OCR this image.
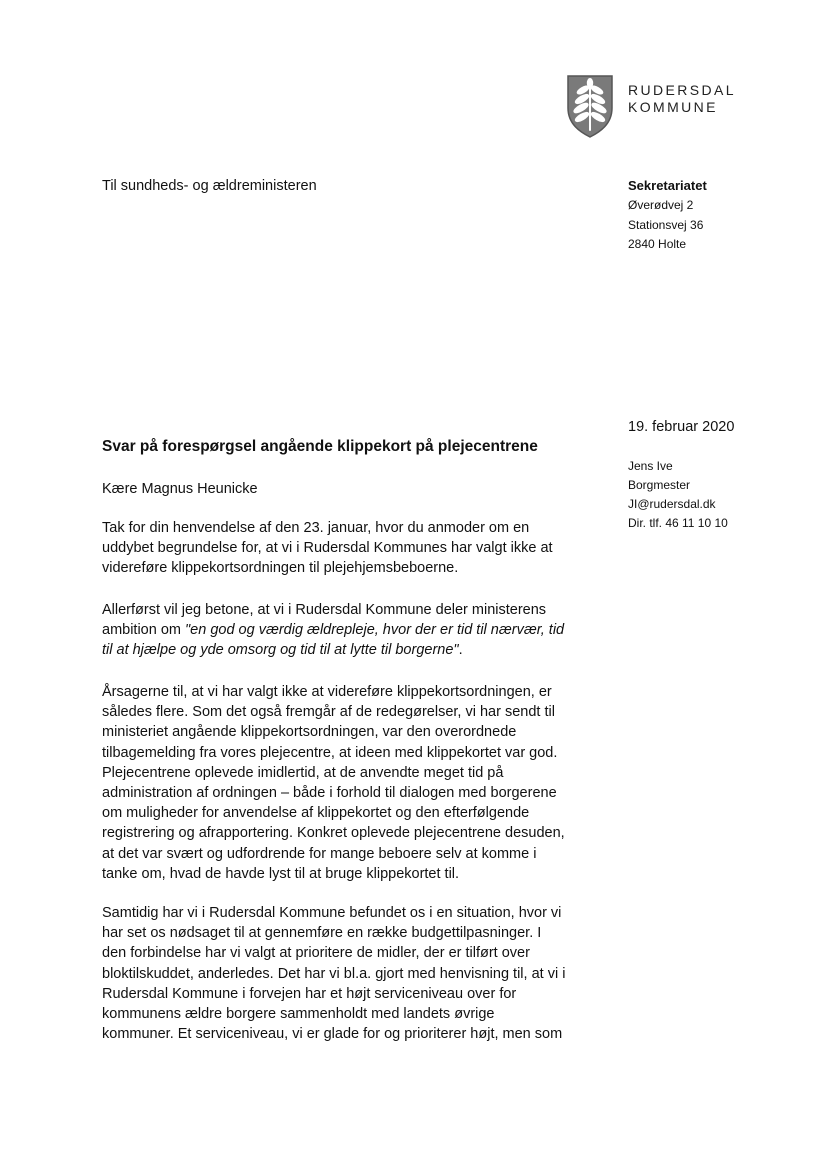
RUDERSDAL
KOMMUNE
Til sundheds- og ældreministeren	Sekretariatet
Øverødvej 2
Stationsvej 36
2840 Holte
19. februar 2020
Jens Ive
Borgmester
JI@rudersdal.dk
Dir. tlf. 46 11 10 10
Svar på forespørgsel angående klippekort på plejecentrene
Kære Magnus Heunicke
Tak for din henvendelse af den 23. januar, hvor du anmoder om en
uddybet begrundelse for, at vi i Rudersdal Kommunes har valgt ikke at
videreføre klippekortsordningen til plejehjemsbeboerne.
Allerførst vil jeg betone, at vi i Rudersdal Kommune deler ministerens
ambition om "en god og værdig ældrepleje, hvor der er tid til nærvær, tid
til at hjælpe og yde omsorg og tid til at lytte til borgerne".
Årsagerne til, at vi har valgt ikke at videreføre klippekortsordningen, er
således flere. Som det også fremgår af de redegørelser, vi har sendt til
ministeriet angående klippekortsordningen, var den overordnede
tilbagemelding fra vores plejecentre, at ideen med klippekortet var god.
Plejecentrene oplevede imidlertid, at de anvendte meget tid på
administration af ordningen – både i forhold til dialogen med borgerene
om muligheder for anvendelse af klippekortet og den efterfølgende
registrering og afrapportering. Konkret oplevede plejecentrene desuden,
at det var svært og udfordrende for mange beboere selv at komme i
tanke om, hvad de havde lyst til at bruge klippekortet til.
Samtidig har vi i Rudersdal Kommune befundet os i en situation, hvor vi
har set os nødsaget til at gennemføre en række budgettilpasninger. I
den forbindelse har vi valgt at prioritere de midler, der er tilført over
bloktilskuddet, anderledes. Det har vi bl.a. gjort med henvisning til, at vi i
Rudersdal Kommune i forvejen har et højt serviceniveau over for
kommunens ældre borgere sammenholdt med landets øvrige
kommuner. Et serviceniveau, vi er glade for og prioriterer højt, men som
